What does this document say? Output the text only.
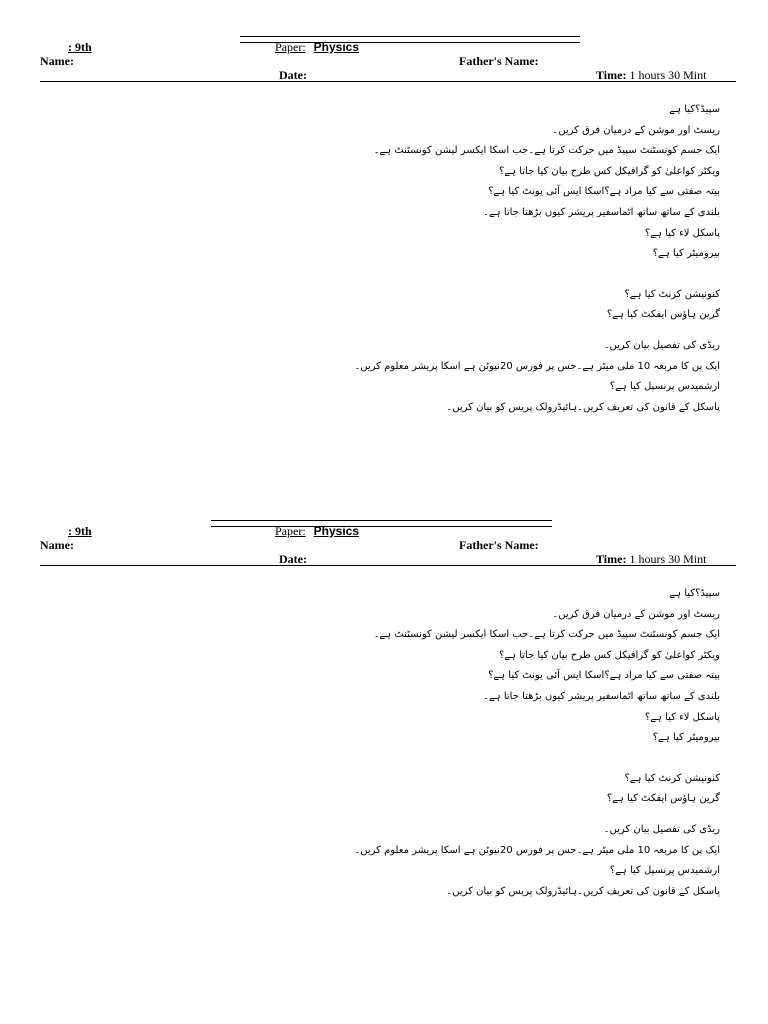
: 9th	Paper: Physics
Name:	Father's Name:
Date:	Time: 1 hours 30 Mint
سپیڈ؟کیا ہے
ریسٹ اور موشن کے درمیان فرق کریں۔
ایک جسم کونسٹنٹ سپیڈ میں حرکت کرتا ہے۔جب اسکا ایکسر لیشن کونسٹنٹ ہے۔
ویکٹر کواعلیٰ کو گرافیکل کس طرح بیان کیا جاتا ہے؟
بیتہ صفتی سے کیا مراد ہے؟اسکا ایس آئی یونٹ کیا ہے؟
بلندی کے ساتھ ساتھ اٹماسفیر پریشر کیوں بڑھتا جاتا ہے۔
پاسکل لاء کیا ہے؟
بیرومیٹر کیا ہے؟
کنونیشن کرنٹ کیا ہے؟
گرین ہاؤس ایفکٹ کیا ہے؟
ریڈی کی تفصیل بیان کریں۔
ایک پن کا مربعہ 10 ملی میٹر ہے۔جس پر فورس 20نیوٹن ہے اسکا پریشر معلوم کریں۔
ارشمیدس پرنسپل کیا ہے؟
پاسکل کے قانون کی تعریف کریں۔ہائیڈرولک پریس کو بیان کریں۔
: 9th	Paper: Physics
Name:	Father's Name:
Date:	Time: 1 hours 30 Mint
سپیڈ؟کیا ہے
ریسٹ اور موشن کے درمیان فرق کریں۔
ایک جسم کونسٹنٹ سپیڈ میں حرکت کرتا ہے۔جب اسکا ایکسر لیشن کونسٹنٹ ہے۔
ویکٹر کواعلیٰ کو گرافیکل کس طرح بیان کیا جاتا ہے؟
بیتہ صفتی سے کیا مراد ہے؟اسکا ایس آئی یونٹ کیا ہے؟
بلندی کے ساتھ ساتھ اٹماسفیر پریشر کیوں بڑھتا جاتا ہے۔
پاسکل لاء کیا ہے؟
بیرومیٹر کیا ہے؟
کنونیشن کرنٹ کیا ہے؟
گرین ہاؤس ایفکٹ کیا ہے؟
ریڈی کی تفصیل بیان کریں۔
ایک پن کا مربعہ 10 ملی میٹر ہے۔جس پر فورس 20نیوٹن ہے اسکا پریشر معلوم کریں۔
ارشمیدس پرنسپل کیا ہے؟
پاسکل کے قانون کی تعریف کریں۔ہائیڈرولک پریس کو بیان کریں۔
